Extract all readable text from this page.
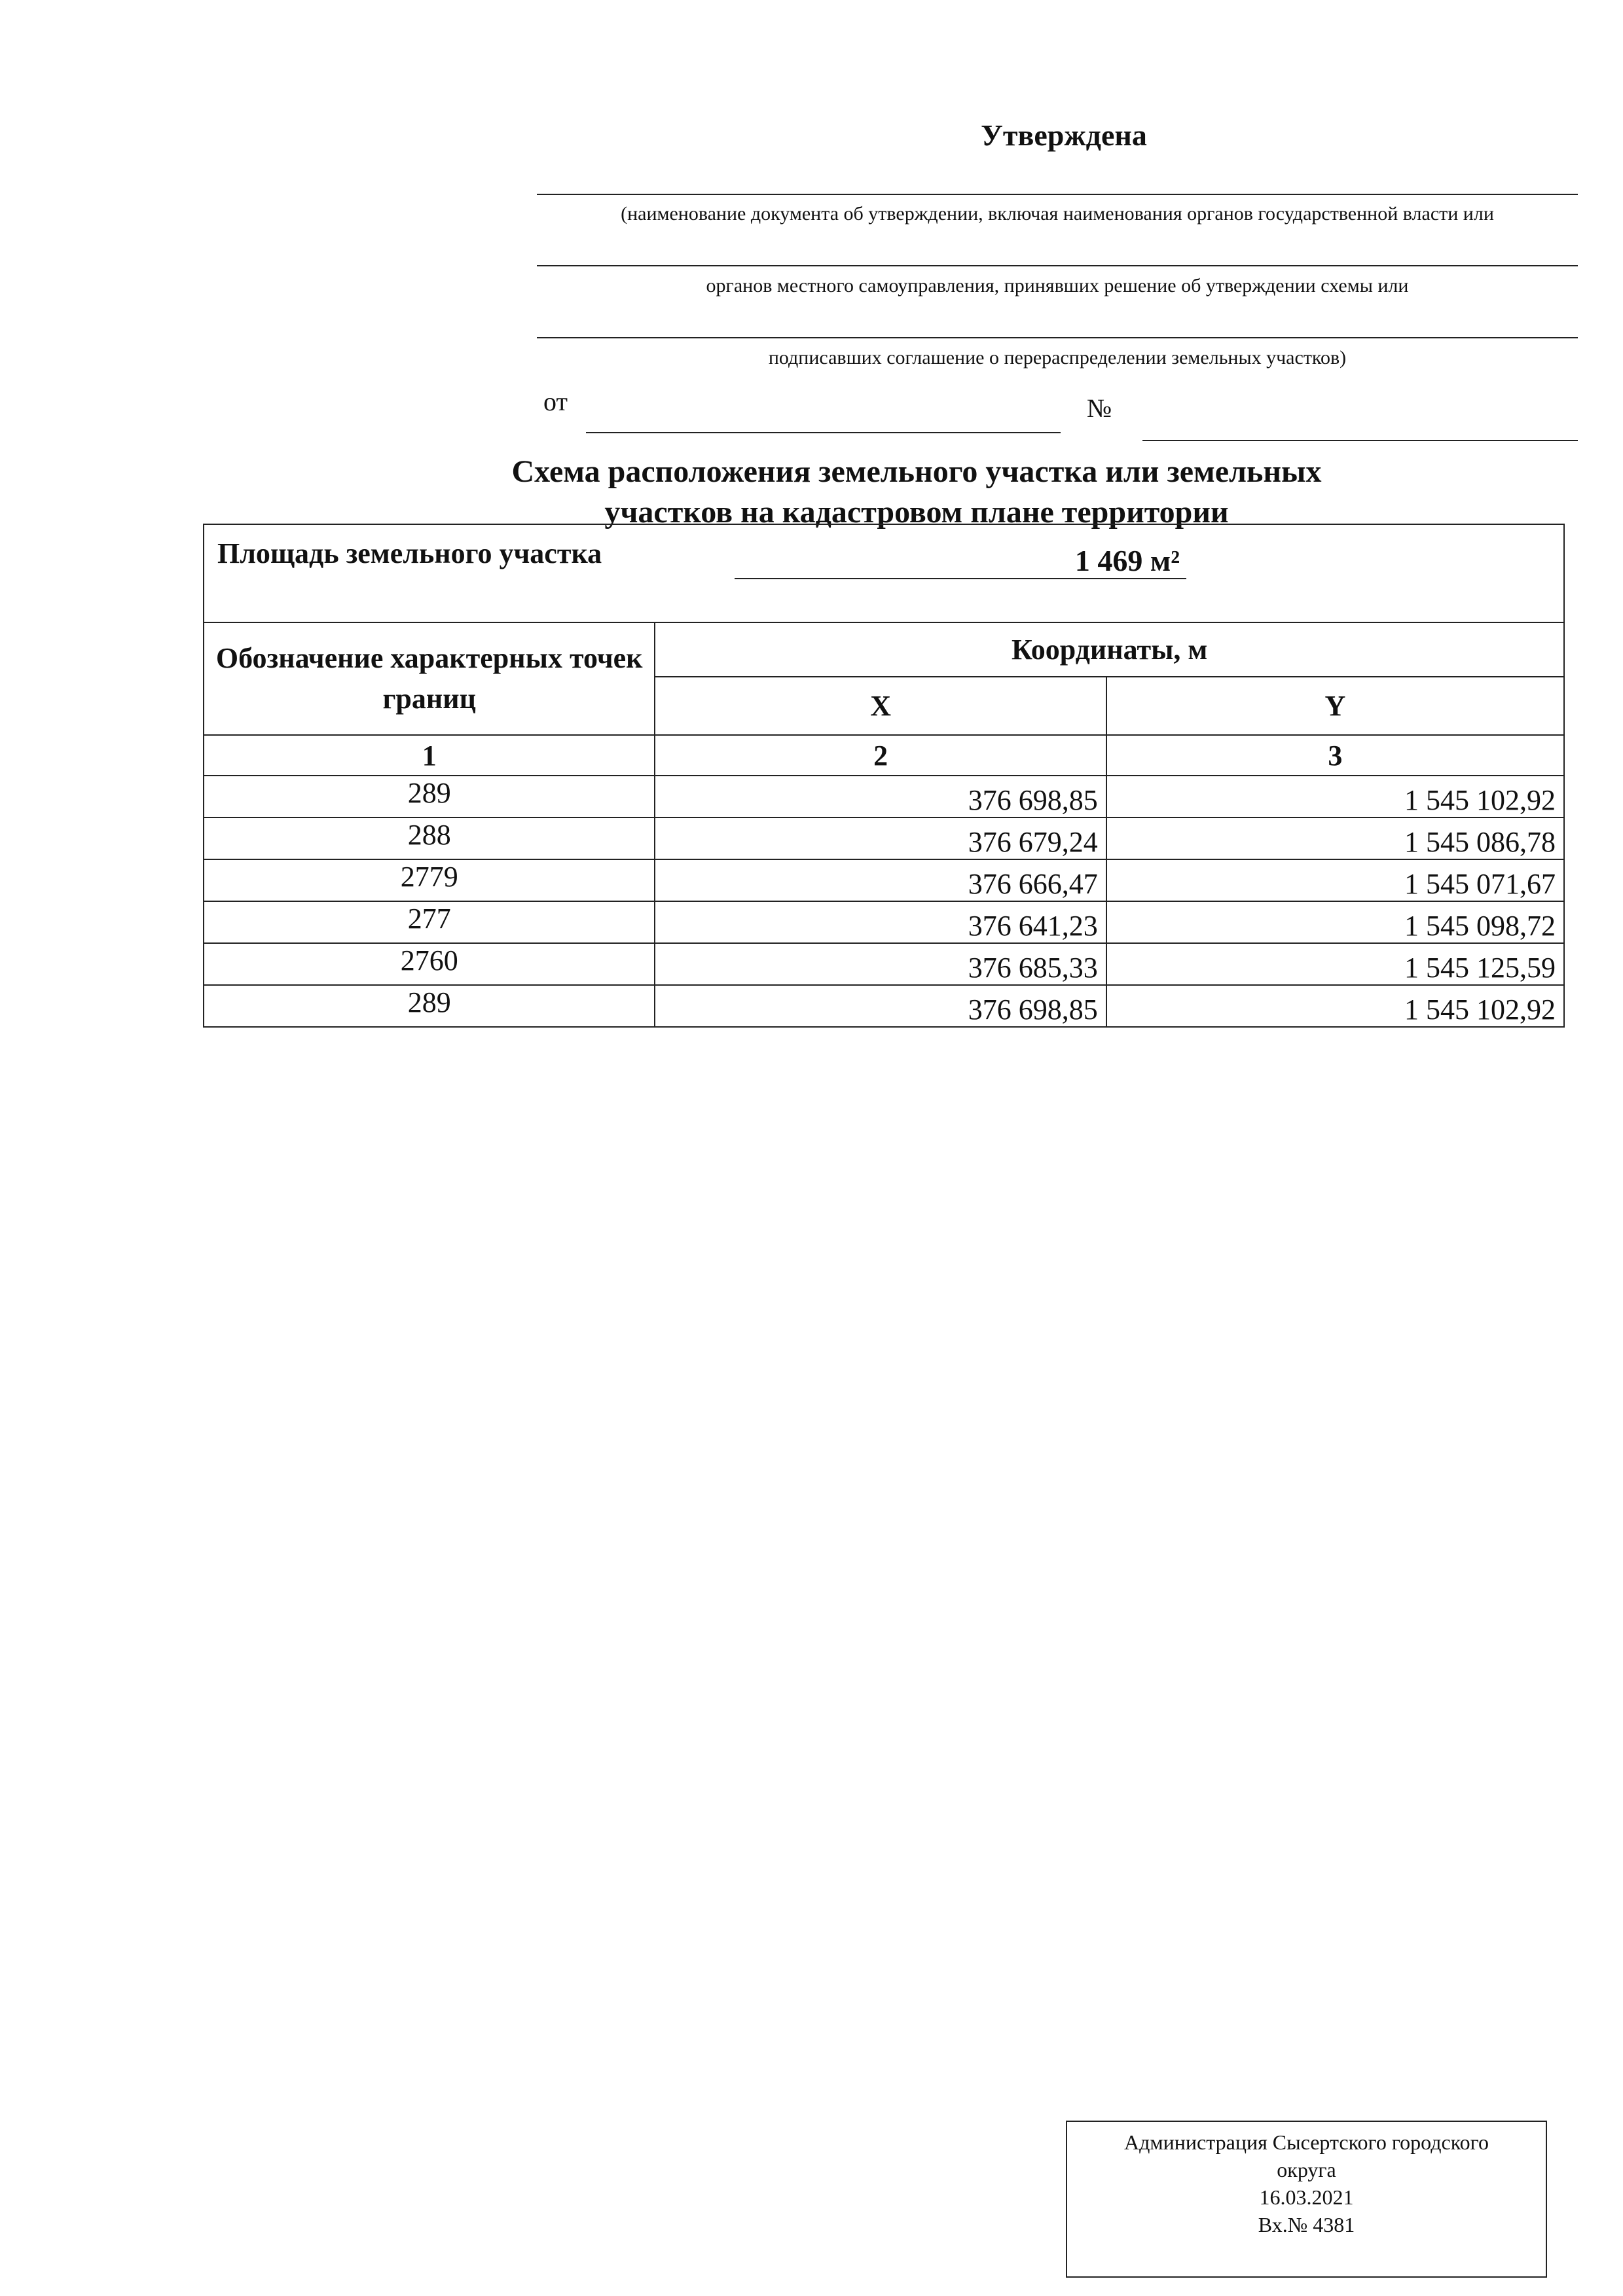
Утверждена
(наименование документа об утверждении, включая наименования органов государственной власти или
органов местного самоуправления, принявших решение об утверждении схемы или
подписавших соглашение о перераспределении земельных участков)
от	№
Схема расположения земельного участка или земельных
участков на кадастровом плане территории
Площадь земельного участка 1 469 м²		

Обозначение характерных точек границ	Координаты, м	
	X	Y
1	2	3
289	376 698,85	1 545 102,92
288	376 679,24	1 545 086,78
2779	376 666,47	1 545 071,67
277	376 641,23	1 545 098,72
2760	376 685,33	1 545 125,59
289	376 698,85	1 545 102,92
Администрация Сысертского городского
округа
16.03.2021
Вх.№ 4381
